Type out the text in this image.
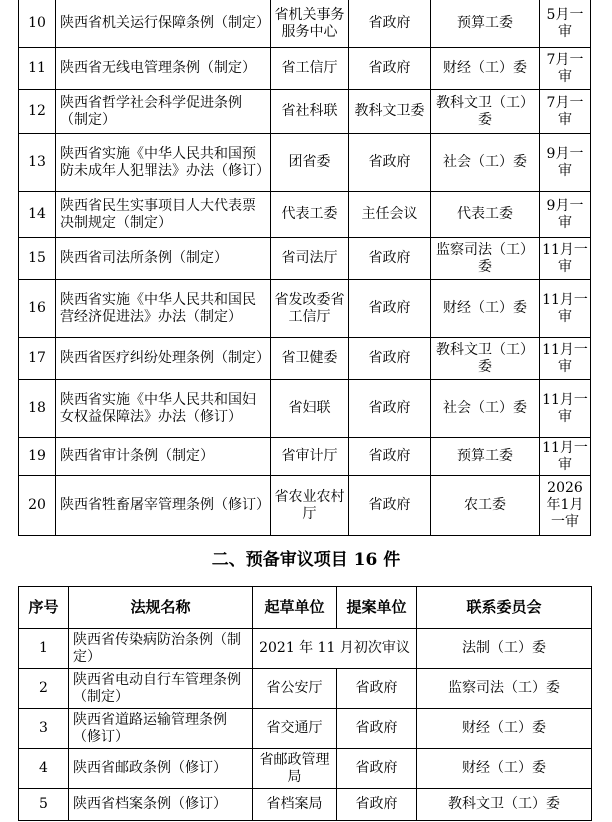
10	陕西省机关运行保障条例（制定）	省机关事务服务中心	省政府	预算工委	5月一审
11	陕西省无线电管理条例（制定）	省工信厅	省政府	财经（工）委	7月一审
12	陕西省哲学社会科学促进条例（制定）	省社科联	教科文卫委	教科文卫（工）委	7月一审
13	陕西省实施《中华人民共和国预防未成年人犯罪法》办法（修订）	团省委	省政府	社会（工）委	9月一审
14	陕西省民生实事项目人大代表票决制规定（制定）	代表工委	主任会议	代表工委	9月一审
15	陕西省司法所条例（制定）	省司法厅	省政府	监察司法（工）委	11月一审
16	陕西省实施《中华人民共和国民营经济促进法》办法（制定）	省发改委省工信厅	省政府	财经（工）委	11月一审
17	陕西省医疗纠纷处理条例（制定）	省卫健委	省政府	教科文卫（工）委	11月一审
18	陕西省实施《中华人民共和国妇女权益保障法》办法（修订）	省妇联	省政府	社会（工）委	11月一审
19	陕西省审计条例（制定）	省审计厅	省政府	预算工委	11月一审
20	陕西省牲畜屠宰管理条例（修订）	省农业农村厅	省政府	农工委	2026年1月一审
二、预备审议项目 16 件
序号	法规名称	起草单位	提案单位	联系委员会
1	陕西省传染病防治条例（制定）	2021 年 11 月初次审议		法制（工）委
2	陕西省电动自行车管理条例（制定）	省公安厅	省政府	监察司法（工）委
3	陕西省道路运输管理条例（修订）	省交通厅	省政府	财经（工）委
4	陕西省邮政条例（修订）	省邮政管理局	省政府	财经（工）委
5	陕西省档案条例（修订）	省档案局	省政府	教科文卫（工）委
